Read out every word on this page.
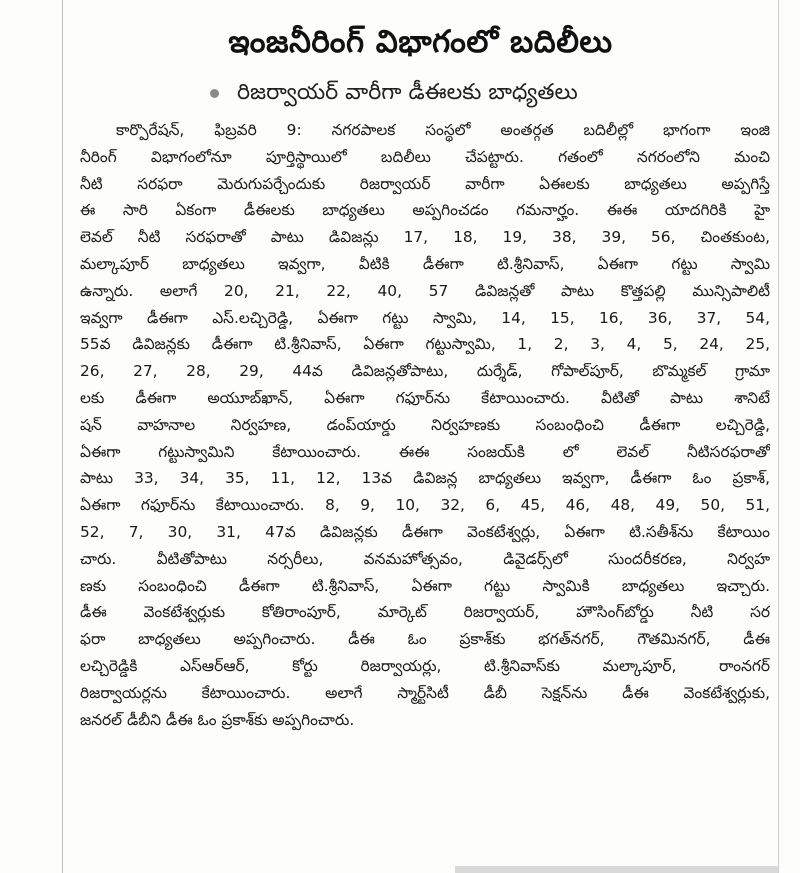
ఇంజనీరింగ్ విభాగంలో బదిలీలు
రిజర్వాయర్ వారీగా డీఈలకు బాధ్యతలు
కార్పొరేషన్, ఫిబ్రవరి 9: నగరపాలక సంస్థలో అంతర్గత బదిలీల్లో భాగంగా ఇంజి
నీరింగ్ విభాగంలోనూ పూర్తిస్థాయిలో బదిలీలు చేపట్టారు. గతంలో నగరంలోని మంచి
నీటి సరఫరా మెరుగుపర్చేందుకు రిజర్వాయర్ వారీగా ఏఈలకు బాధ్యతలు అప్పగిస్తే
ఈ సారి ఏకంగా డీఈలకు బాధ్యతలు అప్పగించడం గమనార్హం. ఈఈ యాదగిరికి హై
లెవల్ నీటి సరఫరాతో పాటు డివిజన్లు 17, 18, 19, 38, 39, 56, చింతకుంట,
మల్కాపూర్ బాధ్యతలు ఇవ్వగా, వీటికి డీఈగా టి.శ్రీనివాస్, ఏఈగా గట్టు స్వామి
ఉన్నారు. అలాగే 20, 21, 22, 40, 57 డివిజన్లతో పాటు కొత్తపల్లి మున్సిపాలిటీ
ఇవ్వగా డీఈగా ఎస్.లచ్చిరెడ్డి, ఏఈగా గట్టు స్వామి, 14, 15, 16, 36, 37, 54,
55వ డివిజన్లకు డీఈగా టి.శ్రీనివాస్, ఏఈగా గట్టుస్వామి, 1, 2, 3, 4, 5, 24, 25,
26, 27, 28, 29, 44వ డివిజన్లతోపాటు, దుర్శేడ్, గోపాల్‌పూర్, బొమ్మకల్ గ్రామా
లకు డీఈగా అయూబ్‌ఖాన్, ఏఈగా గఫూర్‌ను కేటాయించారు. వీటితో పాటు శానిటే
షన్ వాహనాల నిర్వహణ, డంప్‌యార్డు నిర్వహణకు సంబంధించి డీఈగా లచ్చిరెడ్డి,
ఏఈగా గట్టుస్వామిని కేటాయించారు. ఈఈ సంజయ్‌కి లో లెవల్ నీటిసరఫరాతో
పాటు 33, 34, 35, 11, 12, 13వ డివిజన్ల బాధ్యతలు ఇవ్వగా, డీఈగా ఓం ప్రకాశ్,
ఏఈగా గఫూర్‌ను కేటాయించారు. 8, 9, 10, 32, 6, 45, 46, 48, 49, 50, 51,
52, 7, 30, 31, 47వ డివిజన్లకు డీఈగా వెంకటేశ్వర్లు, ఏఈగా టి.సతీశ్‌ను కేటాయిం
చారు. వీటితోపాటు నర్సరీలు, వనమహోత్సవం, డివైడర్స్‌లో సుందరీకరణ, నిర్వహ
ణకు సంబంధించి డీఈగా టి.శ్రీనివాస్, ఏఈగా గట్టు స్వామికి బాధ్యతలు ఇచ్చారు.
డీఈ వెంకటేశ్వర్లుకు కోతిరాంపూర్, మార్కెట్ రిజర్వాయర్, హౌసింగ్‌బోర్డు నీటి సర
ఫరా బాధ్యతలు అప్పగించారు. డీఈ ఓం ప్రకాశ్‌కు భగత్‌నగర్, గౌతమినగర్, డీఈ
లచ్చిరెడ్డికి ఎస్‌ఆర్ఆర్, కోర్టు రిజర్వాయర్లు, టి.శ్రీనివాస్‌కు మల్కాపూర్, రాంనగర్
రిజర్వాయర్లను కేటాయించారు. అలాగే స్మార్ట్‌సిటీ డీబీ సెక్షన్‌ను డీఈ వెంకటేశ్వర్లుకు,
జనరల్ డీబీని డీఈ ఓం ప్రకాశ్‌కు అప్పగించారు.
